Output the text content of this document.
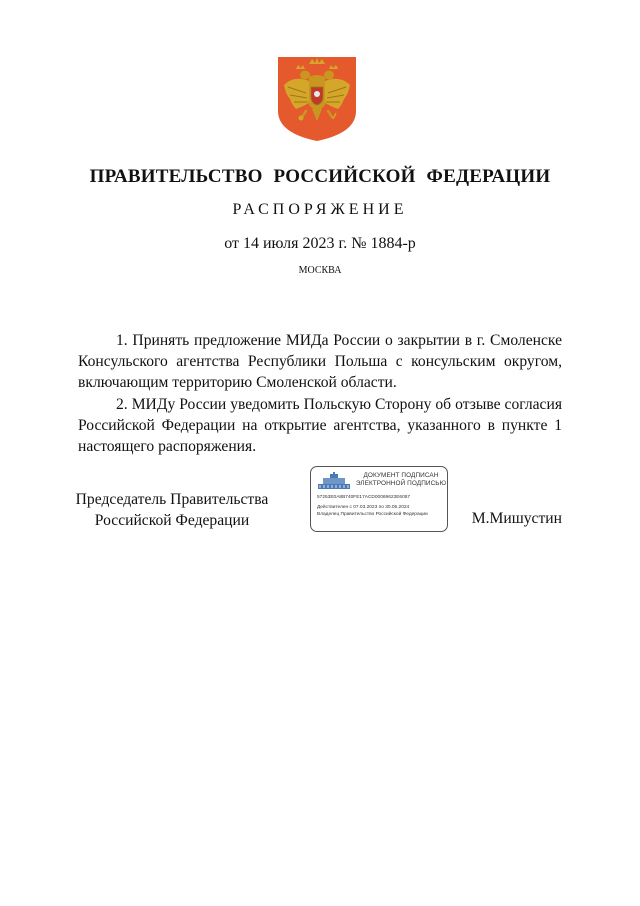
ПРАВИТЕЛЬСТВО РОССИЙСКОЙ ФЕДЕРАЦИИ
РАСПОРЯЖЕНИЕ
от 14 июля 2023 г. № 1884-р
МОСКВА

1. Принять предложение МИДа России о закрытии в г. Смоленске Консульского агентства Республики Польша с консульским округом, включающим территорию Смоленской области.

2. МИДу России уведомить Польскую Сторону об отзыве согласия Российской Федерации на открытие агентства, указанного в пункте 1 настоящего распоряжения.

Председатель Правительства
Российской Федерации
ДОКУМЕНТ ПОДПИСАН
ЭЛЕКТРОННОЙ ПОДПИСЬЮ
57253E0A8B740FE17ACD00069623E6057
Действителен с 07.03.2023 по 30.05.2024
Владелец Правительство Российской Федерации	М.Мишустин
